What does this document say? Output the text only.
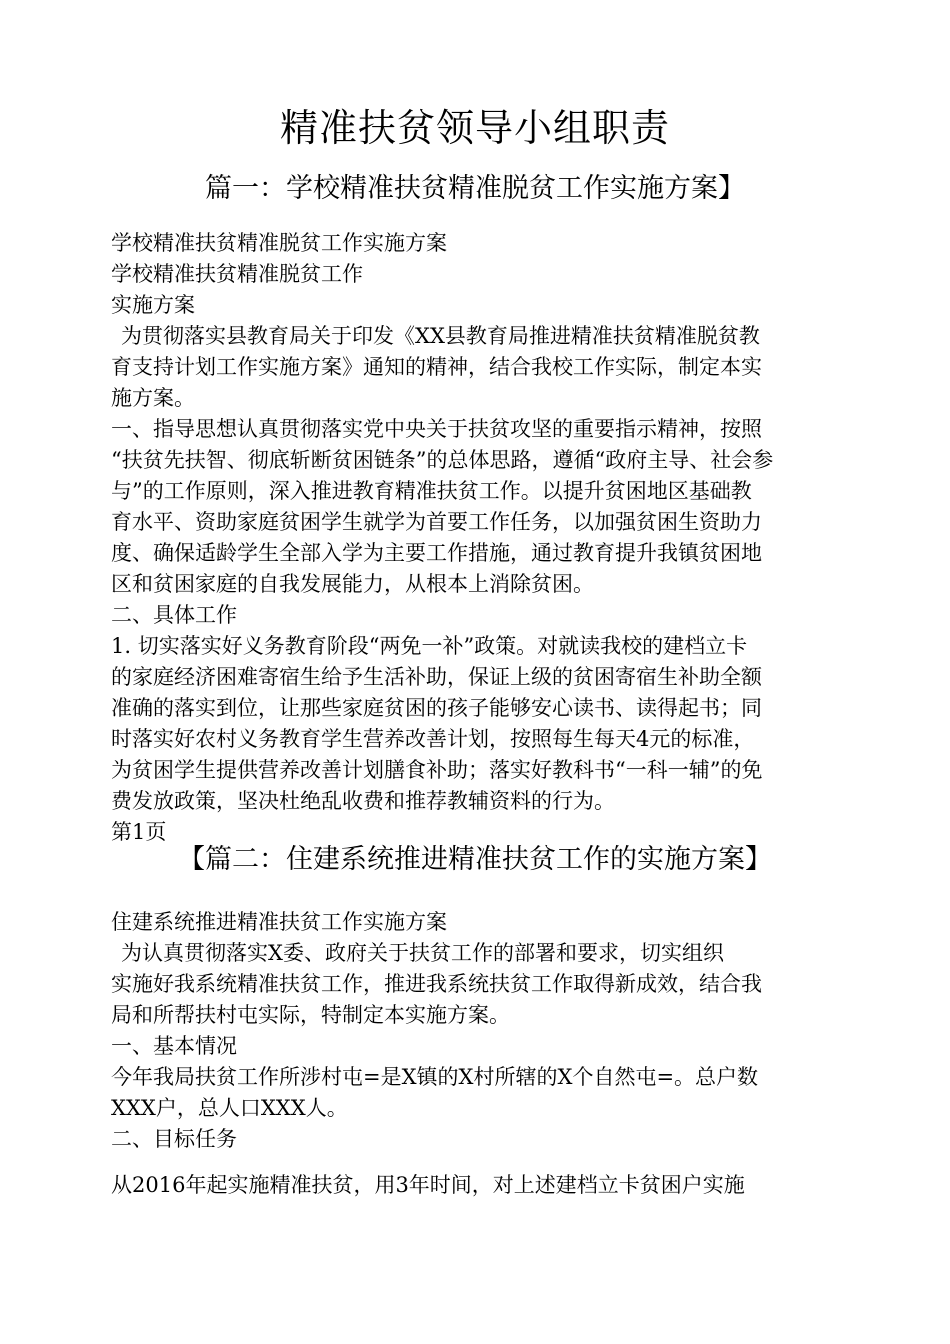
精准扶贫领导小组职责
篇一：学校精准扶贫精准脱贫工作实施方案】
学校精准扶贫精准脱贫工作实施方案
学校精准扶贫精准脱贫工作
实施方案
为贯彻落实县教育局关于印发《XX县教育局推进精准扶贫精准脱贫教
育支持计划工作实施方案》通知的精神，结合我校工作实际，制定本实
施方案。
一、指导思想认真贯彻落实党中央关于扶贫攻坚的重要指示精神，按照
“扶贫先扶智、彻底斩断贫困链条”的总体思路，遵循“政府主导、社会参
与”的工作原则，深入推进教育精准扶贫工作。以提升贫困地区基础教
育水平、资助家庭贫困学生就学为首要工作任务，以加强贫困生资助力
度、确保适龄学生全部入学为主要工作措施，通过教育提升我镇贫困地
区和贫困家庭的自我发展能力，从根本上消除贫困。
二、具体工作
1. 切实落实好义务教育阶段“两免一补”政策。对就读我校的建档立卡
的家庭经济困难寄宿生给予生活补助，保证上级的贫困寄宿生补助全额
准确的落实到位，让那些家庭贫困的孩子能够安心读书、读得起书；同
时落实好农村义务教育学生营养改善计划，按照每生每天4元的标准，
为贫困学生提供营养改善计划膳食补助；落实好教科书“一科一辅”的免
费发放政策，坚决杜绝乱收费和推荐教辅资料的行为。
第1页
【篇二：住建系统推进精准扶贫工作的实施方案】
住建系统推进精准扶贫工作实施方案
为认真贯彻落实X委、政府关于扶贫工作的部署和要求，切实组织
实施好我系统精准扶贫工作，推进我系统扶贫工作取得新成效，结合我
局和所帮扶村屯实际，特制定本实施方案。
一、基本情况
今年我局扶贫工作所涉村屯=是X镇的X村所辖的X个自然屯=。总户数
XXX户，总人口XXX人。
二、目标任务
从2016年起实施精准扶贫，用3年时间，对上述建档立卡贫困户实施
